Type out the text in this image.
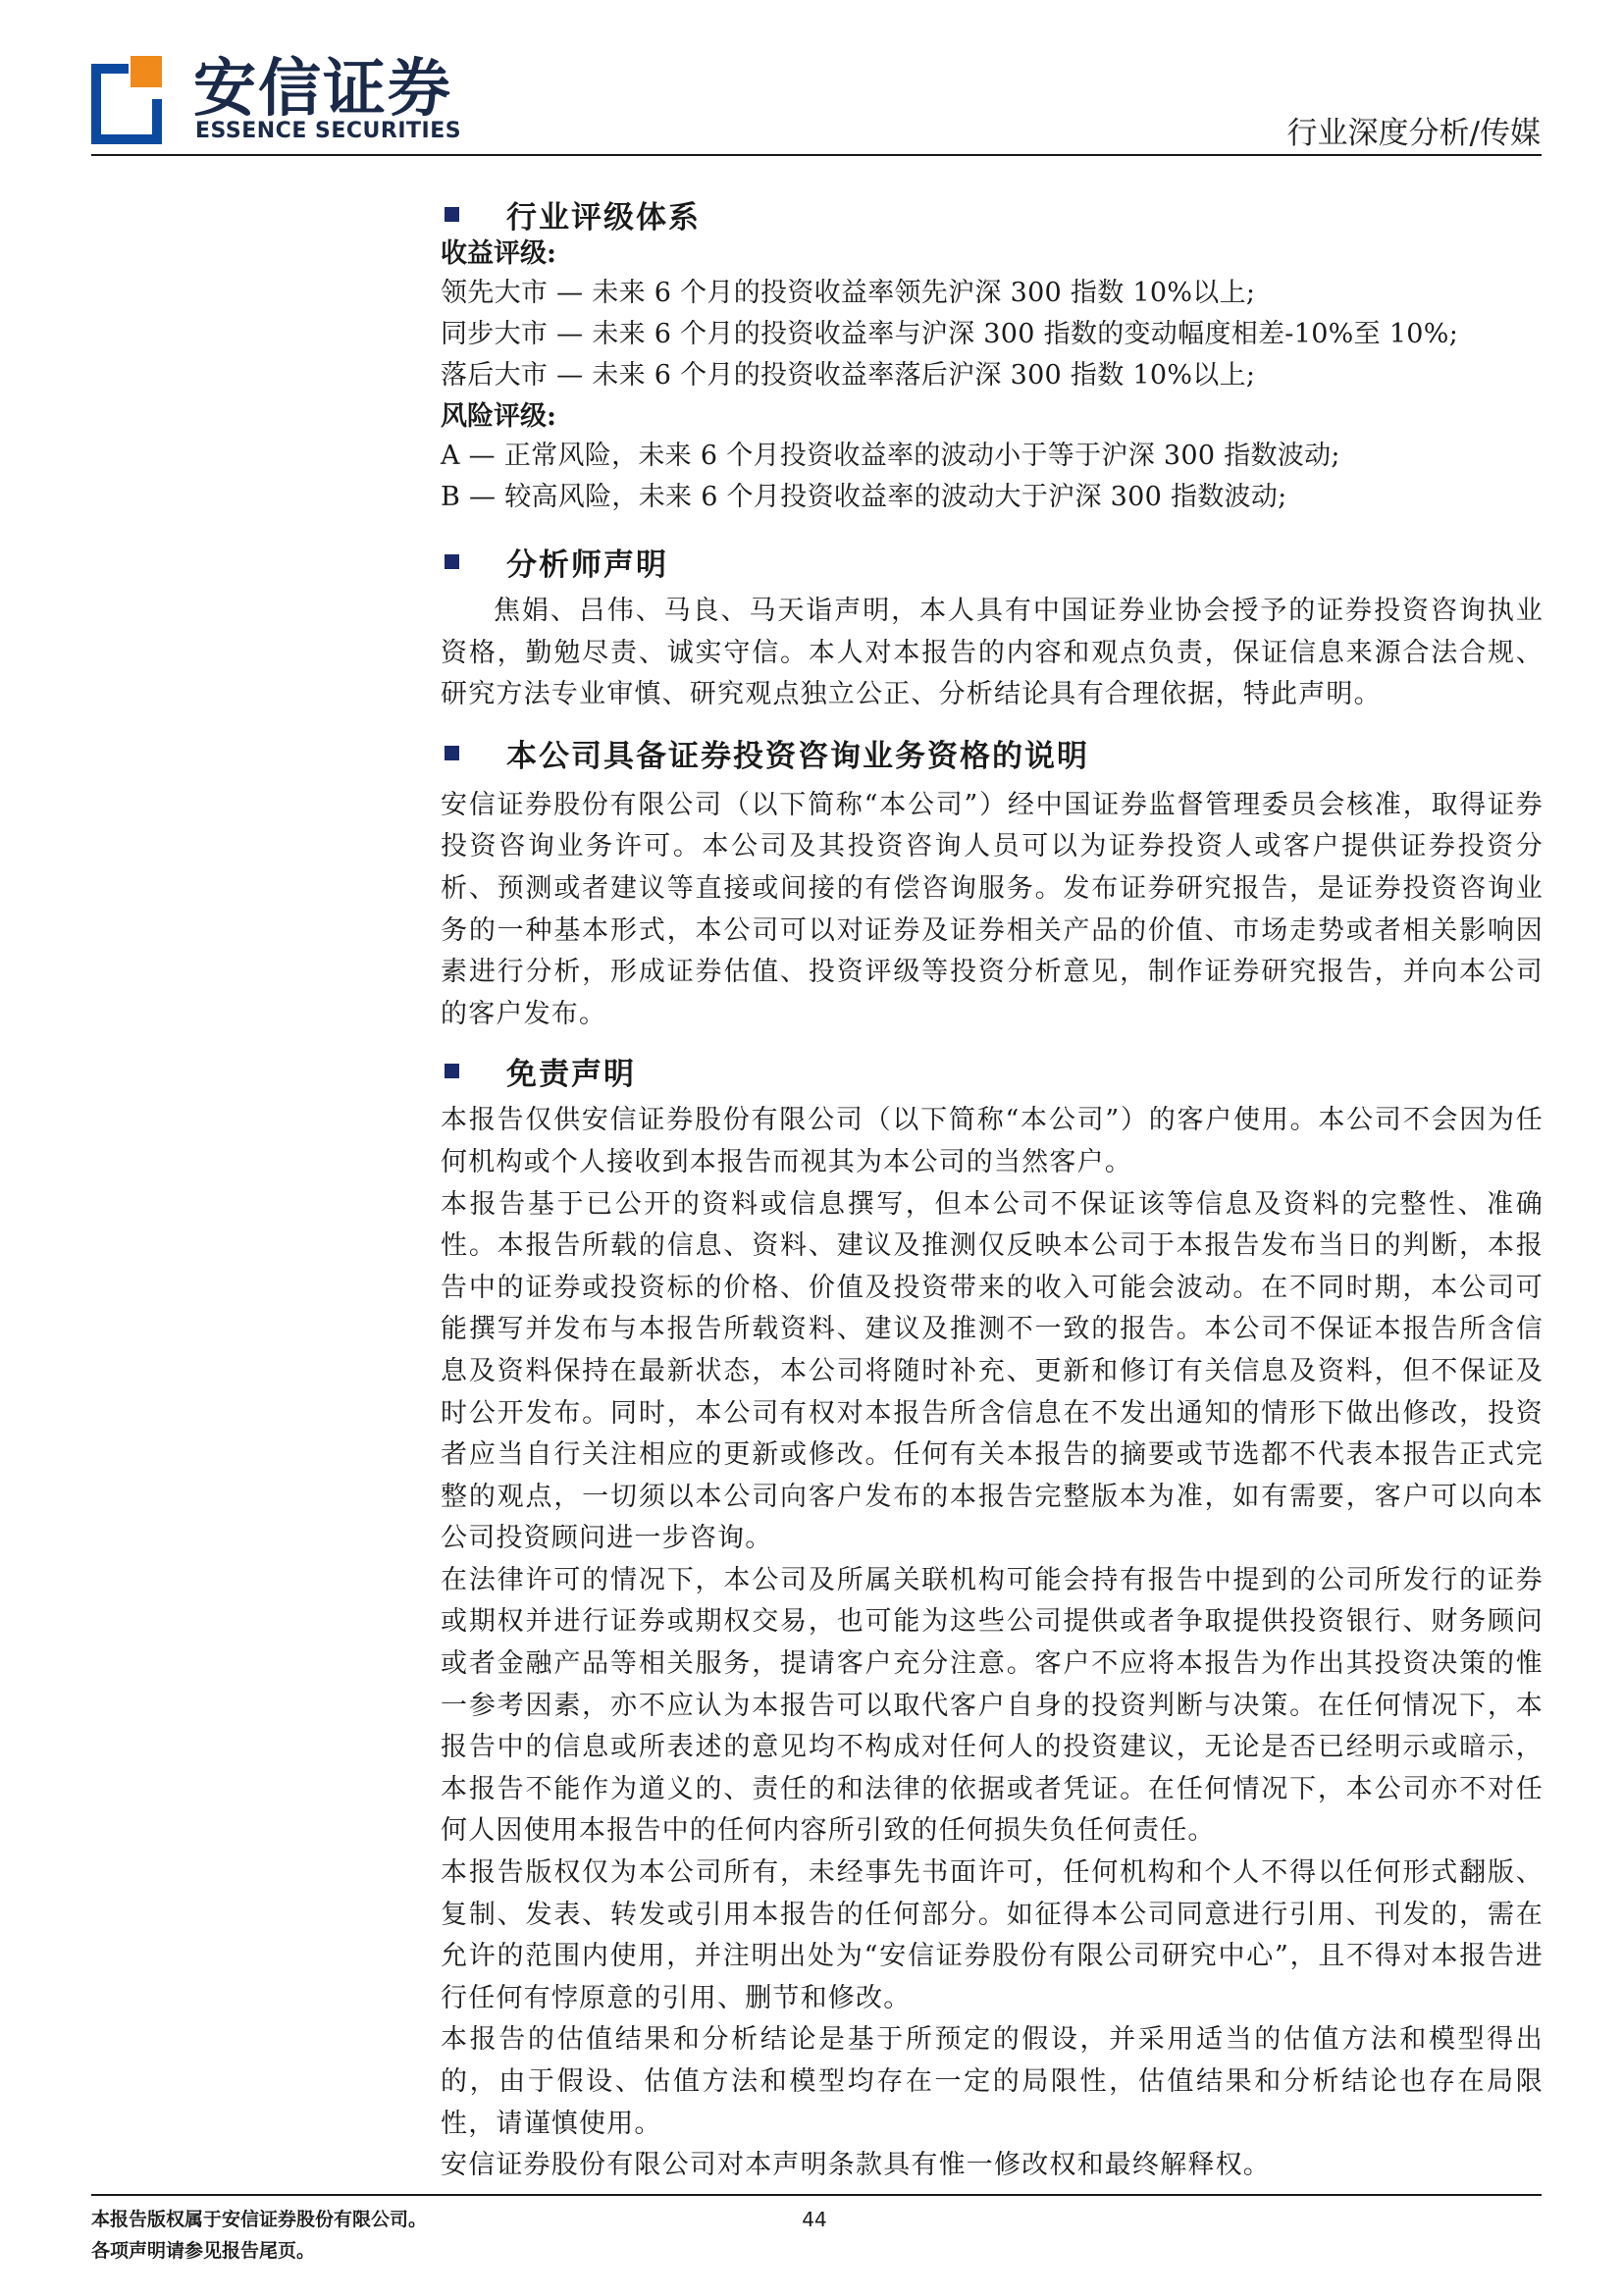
安信证券
ESSENCE SECURITIES	行业深度分析/传媒
行业评级体系
收益评级:
领先大市 — 未来 6 个月的投资收益率领先沪深 300 指数 10%以上;
同步大市 — 未来 6 个月的投资收益率与沪深 300 指数的变动幅度相差-10%至 10%;
落后大市 — 未来 6 个月的投资收益率落后沪深 300 指数 10%以上;
风险评级:
A — 正常风险，未来 6 个月投资收益率的波动小于等于沪深 300 指数波动;
B — 较高风险，未来 6 个月投资收益率的波动大于沪深 300 指数波动;
分析师声明

焦娟、吕伟、马良、马天诣声明，本人具有中国证券业协会授予的证券投资咨询执业资格，勤勉尽责、诚实守信。本人对本报告的内容和观点负责，保证信息来源合法合规、研究方法专业审慎、研究观点独立公正、分析结论具有合理依据，特此声明。

本公司具备证券投资咨询业务资格的说明

安信证券股份有限公司（以下简称“本公司”）经中国证券监督管理委员会核准，取得证券投资咨询业务许可。本公司及其投资咨询人员可以为证券投资人或客户提供证券投资分析、预测或者建议等直接或间接的有偿咨询服务。发布证券研究报告，是证券投资咨询业务的一种基本形式，本公司可以对证券及证券相关产品的价值、市场走势或者相关影响因素进行分析，形成证券估值、投资评级等投资分析意见，制作证券研究报告，并向本公司的客户发布。

免责声明

本报告仅供安信证券股份有限公司（以下简称“本公司”）的客户使用。本公司不会因为任何机构或个人接收到本报告而视其为本公司的当然客户。

本报告基于已公开的资料或信息撰写，但本公司不保证该等信息及资料的完整性、准确性。本报告所载的信息、资料、建议及推测仅反映本公司于本报告发布当日的判断，本报告中的证券或投资标的价格、价值及投资带来的收入可能会波动。在不同时期，本公司可能撰写并发布与本报告所载资料、建议及推测不一致的报告。本公司不保证本报告所含信息及资料保持在最新状态，本公司将随时补充、更新和修订有关信息及资料，但不保证及时公开发布。同时，本公司有权对本报告所含信息在不发出通知的情形下做出修改，投资者应当自行关注相应的更新或修改。任何有关本报告的摘要或节选都不代表本报告正式完整的观点，一切须以本公司向客户发布的本报告完整版本为准，如有需要，客户可以向本公司投资顾问进一步咨询。

在法律许可的情况下，本公司及所属关联机构可能会持有报告中提到的公司所发行的证券或期权并进行证券或期权交易，也可能为这些公司提供或者争取提供投资银行、财务顾问或者金融产品等相关服务，提请客户充分注意。客户不应将本报告为作出其投资决策的惟一参考因素，亦不应认为本报告可以取代客户自身的投资判断与决策。在任何情况下，本报告中的信息或所表述的意见均不构成对任何人的投资建议，无论是否已经明示或暗示，本报告不能作为道义的、责任的和法律的依据或者凭证。在任何情况下，本公司亦不对任何人因使用本报告中的任何内容所引致的任何损失负任何责任。

本报告版权仅为本公司所有，未经事先书面许可，任何机构和个人不得以任何形式翻版、复制、发表、转发或引用本报告的任何部分。如征得本公司同意进行引用、刊发的，需在允许的范围内使用，并注明出处为“安信证券股份有限公司研究中心”，且不得对本报告进行任何有悖原意的引用、删节和修改。

本报告的估值结果和分析结论是基于所预定的假设，并采用适当的估值方法和模型得出的，由于假设、估值方法和模型均存在一定的局限性，估值结果和分析结论也存在局限性，请谨慎使用。

安信证券股份有限公司对本声明条款具有惟一修改权和最终解释权。

本报告版权属于安信证券股份有限公司。
各项声明请参见报告尾页。
44
